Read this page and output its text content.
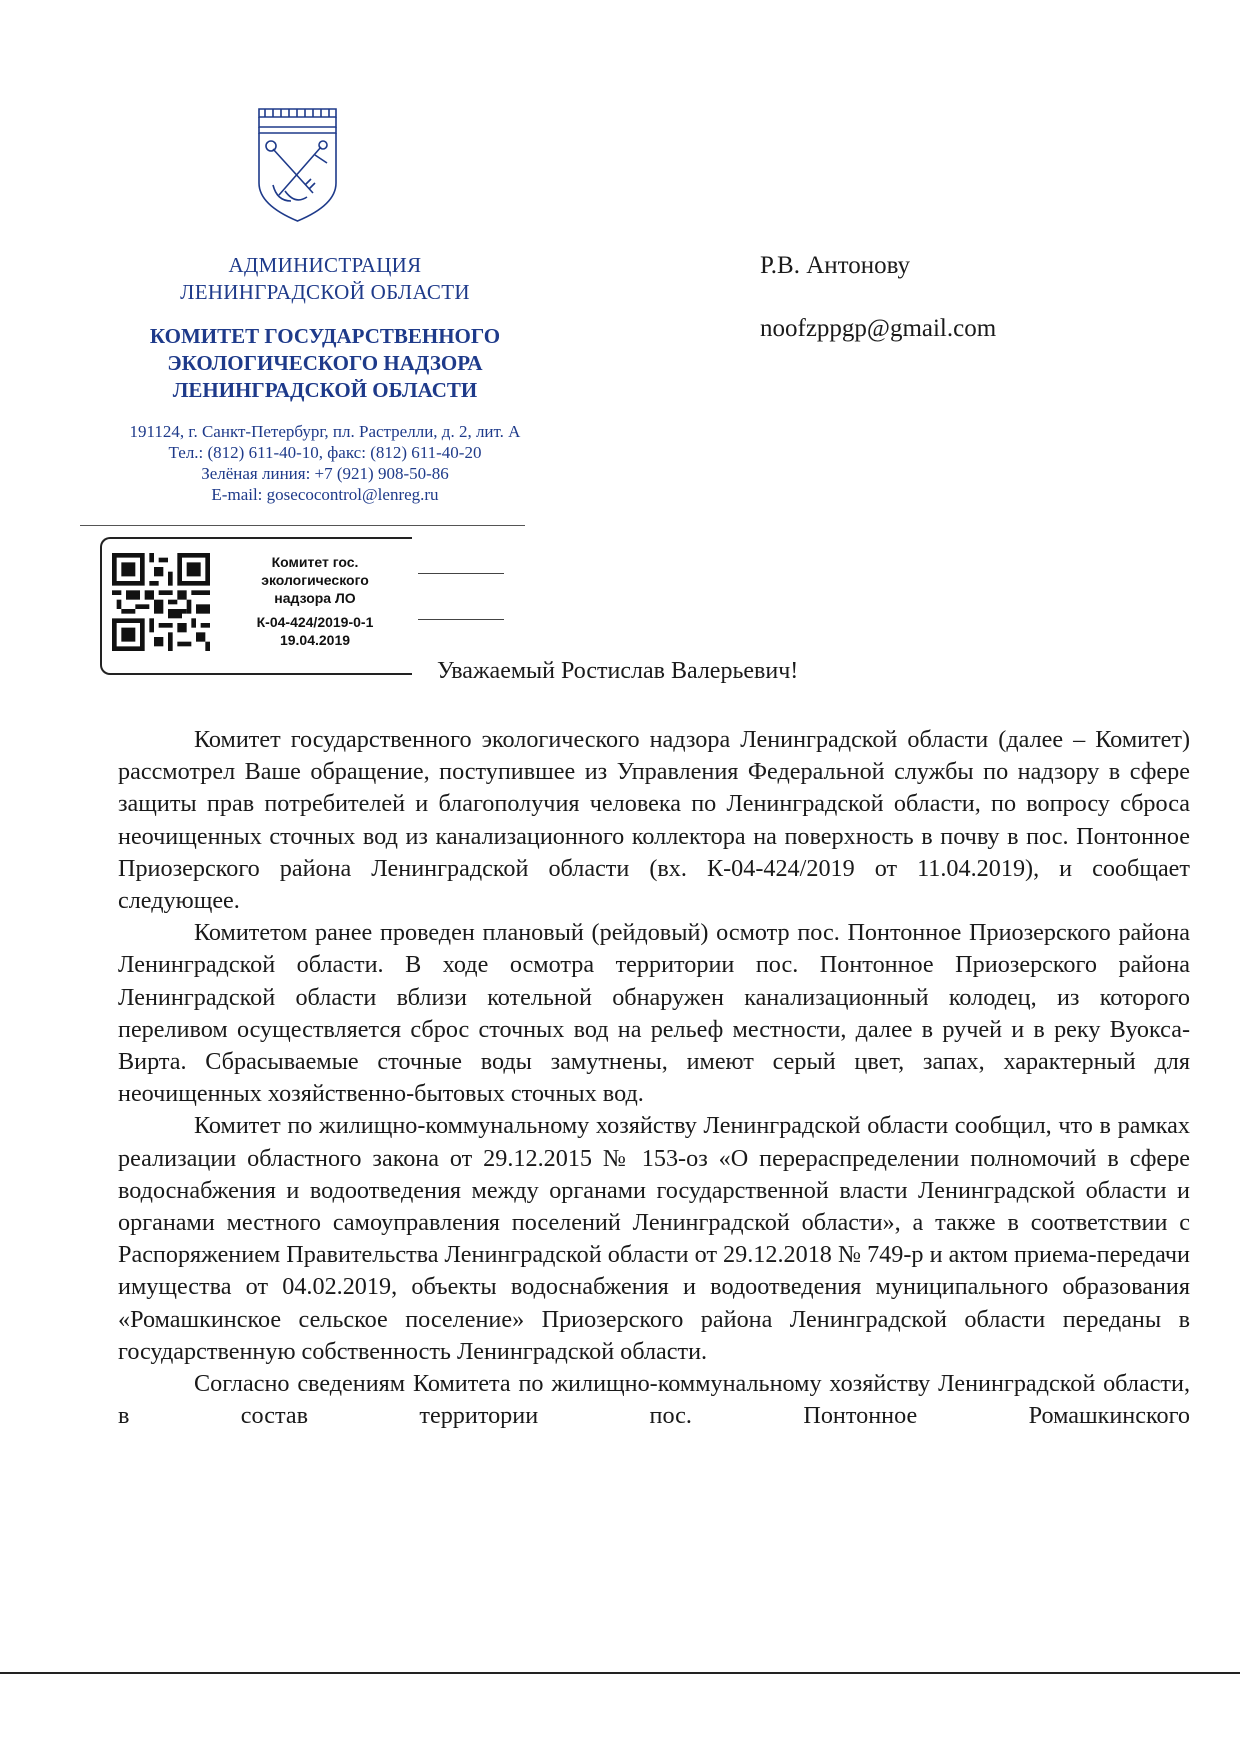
АДМИНИСТРАЦИЯ
ЛЕНИНГРАДСКОЙ ОБЛАСТИ
КОМИТЕТ ГОСУДАРСТВЕННОГО
ЭКОЛОГИЧЕСКОГО НАДЗОРА
ЛЕНИНГРАДСКОЙ ОБЛАСТИ
191124, г. Санкт-Петербург, пл. Растрелли, д. 2, лит. А
Тел.: (812) 611-40-10, факс: (812) 611-40-20
Зелёная линия: +7 (921) 908-50-86
E-mail: gosecocontrol@lenreg.ru
Комитет гос.
экологического
надзора ЛО
К-04-424/2019-0-1
19.04.2019
Р.В. Антонову
noofzppgp@gmail.com
Уважаемый Ростислав Валерьевич!

Комитет государственного экологического надзора Ленинградской области (далее – Комитет) рассмотрел Ваше обращение, поступившее из Управления Федеральной службы по надзору в сфере защиты прав потребителей и благополучия человека по Ленинградской области, по вопросу сброса неочищенных сточных вод из канализационного коллектора на поверхность в почву в пос. Понтонное Приозерского района Ленинградской области (вх. К-04-424/2019 от 11.04.2019), и сообщает следующее.

Комитетом ранее проведен плановый (рейдовый) осмотр пос. Понтонное Приозерского района Ленинградской области. В ходе осмотра территории пос. Понтонное Приозерского района Ленинградской области вблизи котельной обнаружен канализационный колодец, из которого переливом осуществляется сброс сточных вод на рельеф местности, далее в ручей и в реку Вуокса-Вирта. Сбрасываемые сточные воды замутнены, имеют серый цвет, запах, характерный для неочищенных хозяйственно-бытовых сточных вод.

Комитет по жилищно-коммунальному хозяйству Ленинградской области сообщил, что в рамках реализации областного закона от 29.12.2015 № 153-оз «О перераспределении полномочий в сфере водоснабжения и водоотведения между органами государственной власти Ленинградской области и органами местного самоуправления поселений Ленинградской области», а также в соответствии с Распоряжением Правительства Ленинградской области от 29.12.2018 № 749-р и актом приема-передачи имущества от 04.02.2019, объекты водоснабжения и водоотведения муниципального образования «Ромашкинское сельское поселение» Приозерского района Ленинградской области переданы в государственную собственность Ленинградской области.

Согласно сведениям Комитета по жилищно-коммунальному хозяйству Ленинградской области, в состав территории пос. Понтонное Ромашкинского
